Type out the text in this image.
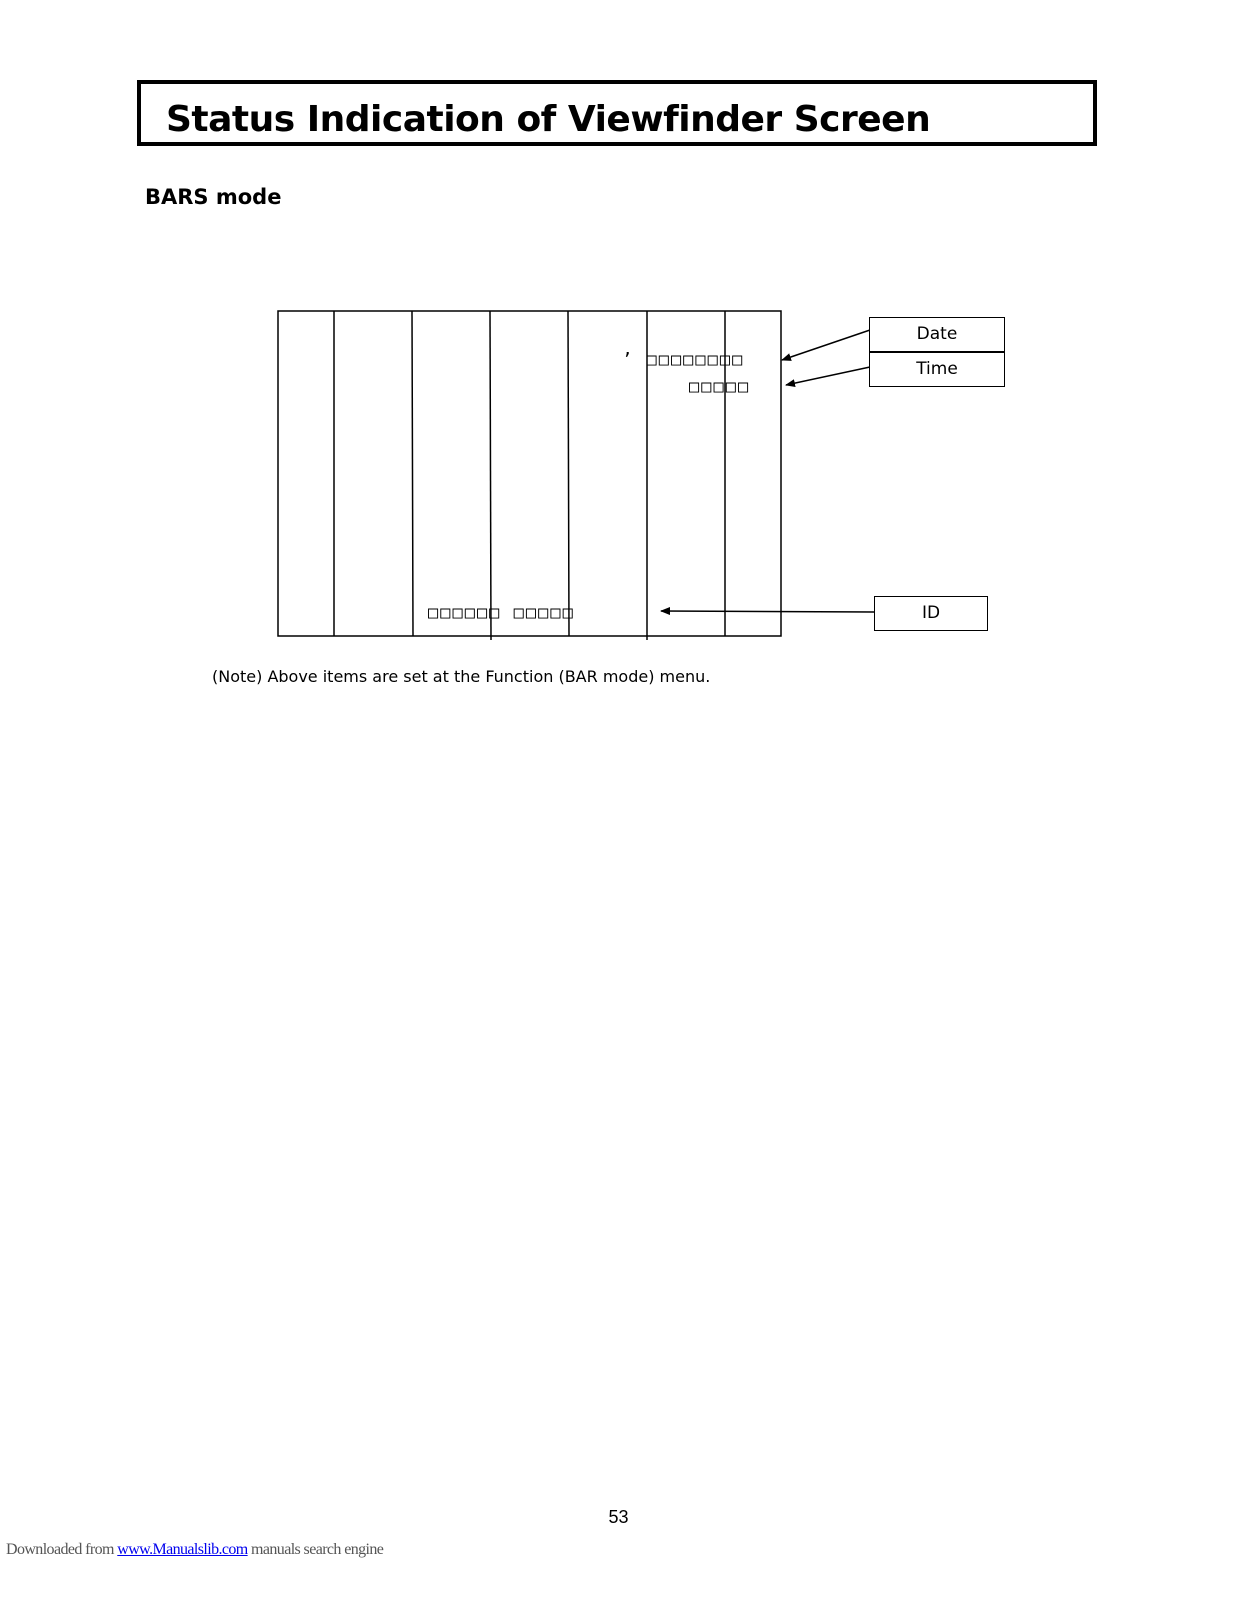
Status Indication of Viewfinder Screen
BARS mode
’ □□□□□□□□
□□□□□
□□□□□□ □□□□□
Date
Time
ID
(Note) Above items are set at the Function (BAR mode) menu.
53
Downloaded from www.Manualslib.com manuals search engine
